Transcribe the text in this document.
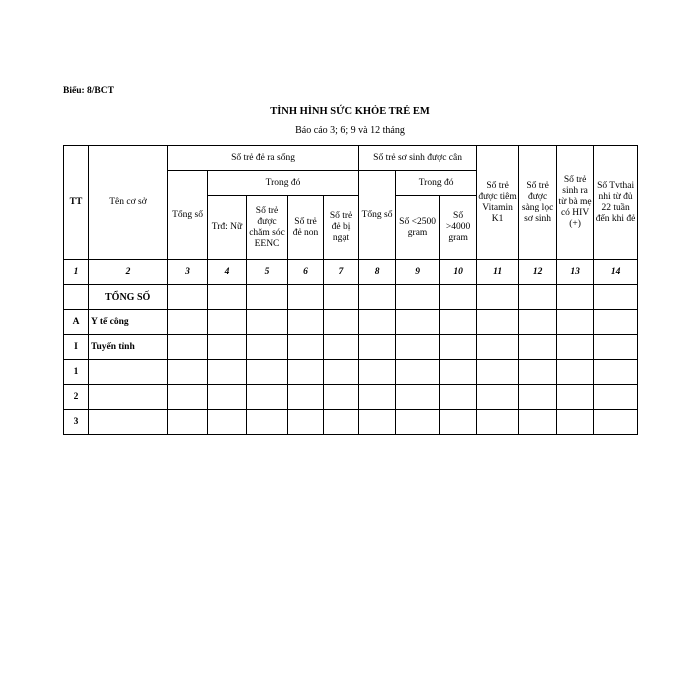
Biểu: 8/BCT
TÌNH HÌNH SỨC KHỎE TRẺ EM
Báo cáo 3; 6; 9 và 12 tháng
TT	Tên cơ sở	Số trẻ đẻ ra sống					Số trẻ sơ sinh được cân			Số trẻ được tiêm Vitamin K1	Số trẻ được sàng lọc sơ sinh	Số trẻ sinh ra từ bà mẹ có HIV (+)	Số Tvthai nhi từ đủ 22 tuần đến khi đẻ
		Tổng số	Trong đó				Tổng số	Trong đó					
			Trđ: Nữ	Số trẻ được chăm sóc EENC	Số trẻ đẻ non	Số trẻ đẻ bị ngạt		Số <2500 gram	Số >4000 gram				
1	2	3	4	5	6	7	8	9	10	11	12	13	14
	TỔNG SỐ												
A	Y tế công												
I	Tuyến tỉnh												
1													
2													
3													
